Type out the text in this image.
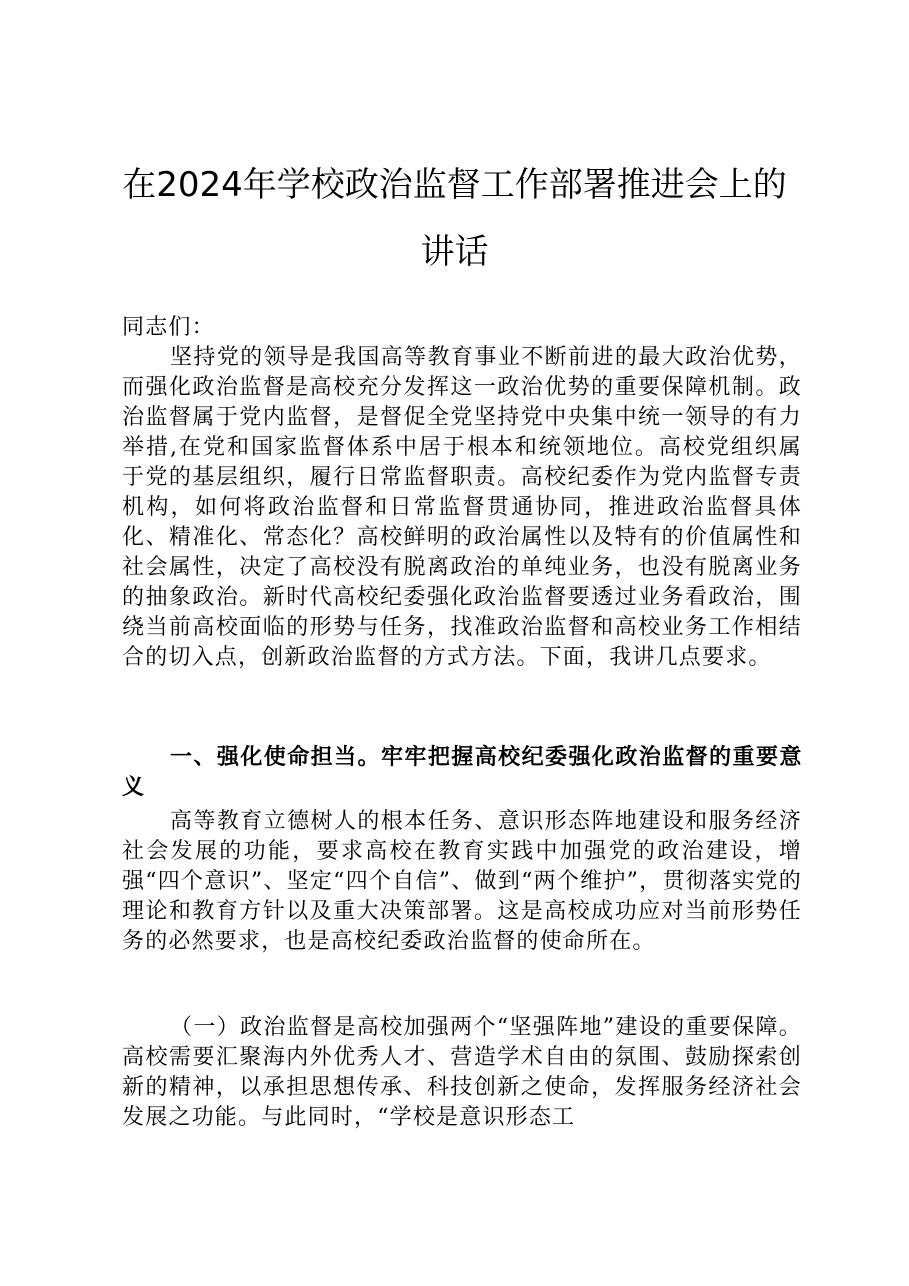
在2024年学校政治监督工作部署推进会上的
讲话
同志们：
坚持党的领导是我国高等教育事业不断前进的最大政治优势，而强化政治监督是高校充分发挥这一政治优势的重要保障机制。政治监督属于党内监督，是督促全党坚持党中央集中统一领导的有力举措,在党和国家监督体系中居于根本和统领地位。高校党组织属于党的基层组织，履行日常监督职责。高校纪委作为党内监督专责机构，如何将政治监督和日常监督贯通协同，推进政治监督具体化、精准化、常态化？高校鲜明的政治属性以及特有的价值属性和社会属性，决定了高校没有脱离政治的单纯业务，也没有脱离业务的抽象政治。新时代高校纪委强化政治监督要透过业务看政治，围绕当前高校面临的形势与任务，找准政治监督和高校业务工作相结合的切入点，创新政治监督的方式方法。下面，我讲几点要求。
一、强化使命担当。牢牢把握高校纪委强化政治监督的重要意义
高等教育立德树人的根本任务、意识形态阵地建设和服务经济社会发展的功能，要求高校在教育实践中加强党的政治建设，增强“四个意识”、坚定“四个自信”、做到“两个维护”，贯彻落实党的理论和教育方针以及重大决策部署。这是高校成功应对当前形势任务的必然要求，也是高校纪委政治监督的使命所在。
（一）政治监督是高校加强两个“坚强阵地”建设的重要保障。高校需要汇聚海内外优秀人才、营造学术自由的氛围、鼓励探索创新的精神，以承担思想传承、科技创新之使命，发挥服务经济社会发展之功能。与此同时，“学校是意识形态工
